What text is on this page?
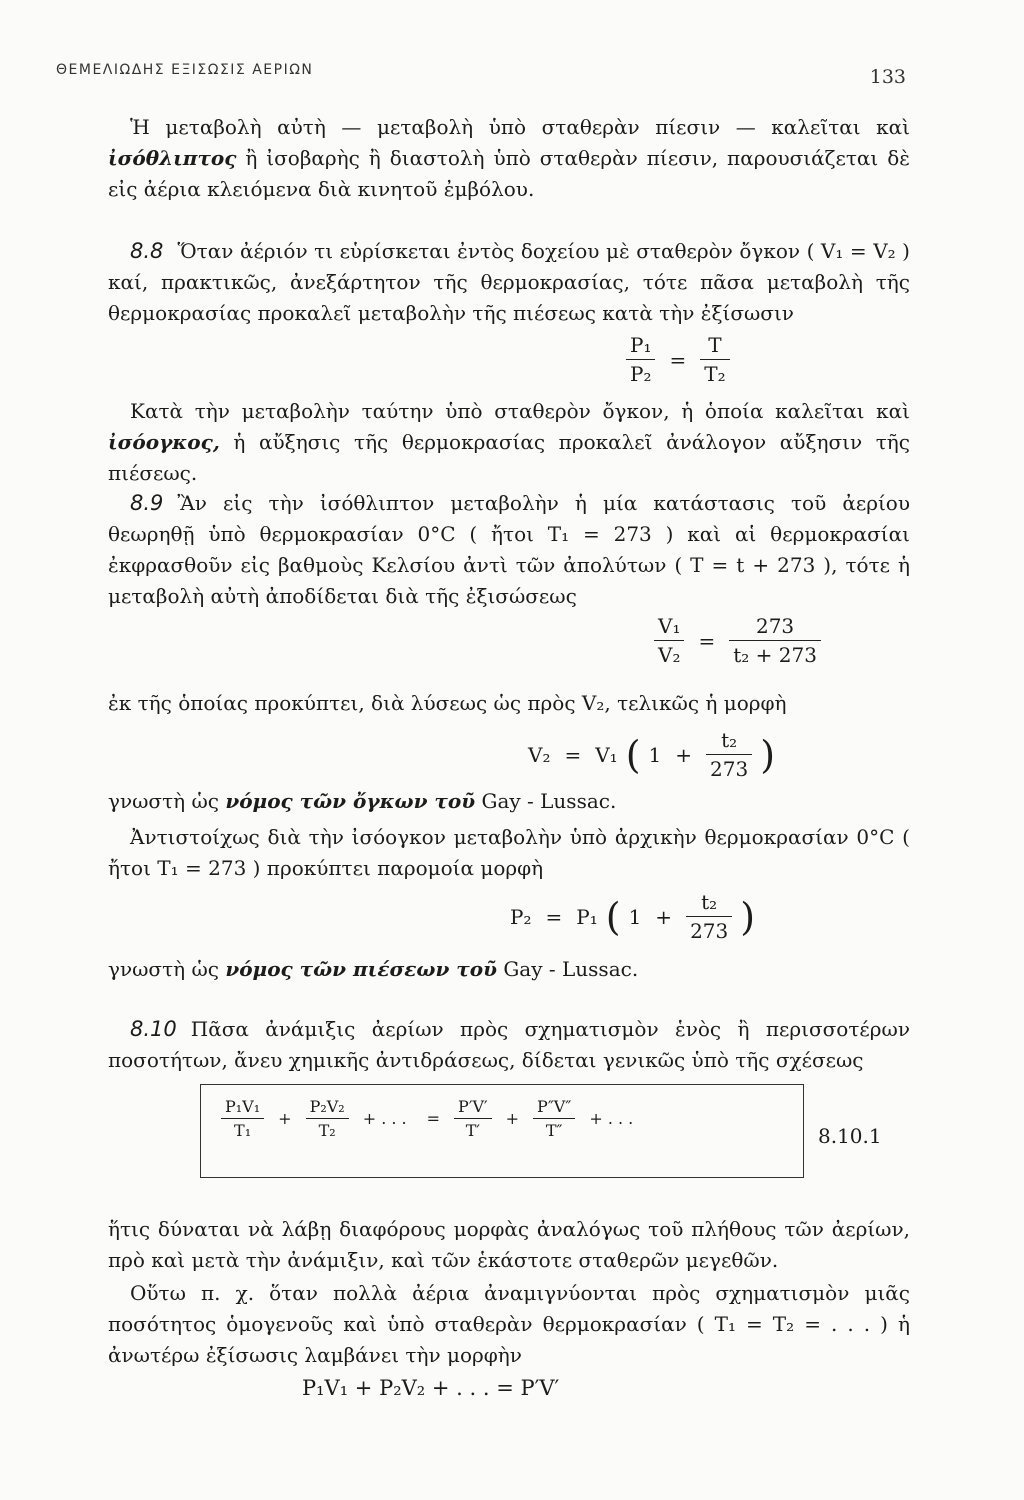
ΘΕΜΕΛΙΩΔΗΣ ΕΞΙΣΩΣΙΣ ΑΕΡΙΩΝ	133
Ἡ μεταβολὴ αὐτὴ — μεταβολὴ ὑπὸ σταθερὰν πίεσιν — καλεῖται καὶ ἰσόθλιπτος ἢ ἰσοβαρὴς ἢ διαστολὴ ὑπὸ σταθερὰν πίεσιν, παρουσιάζεται δὲ εἰς ἀέρια κλειόμενα διὰ κινητοῦ ἐμβόλου.
8.8 Ὅταν ἀέριόν τι εὑρίσκεται ἐντὸς δοχείου μὲ σταθερὸν ὄγκον ( V₁ = V₂ ) καί, πρακτικῶς, ἀνεξάρτητον τῆς θερμοκρασίας, τότε πᾶσα μεταβολὴ τῆς θερμοκρασίας προκαλεῖ μεταβολὴν τῆς πιέσεως κατὰ τὴν ἐξίσωσιν
$\frac{\text{P₁}}{\text{P₂}} = \frac{T}{\text{T₂}}$
Κατὰ τὴν μεταβολὴν ταύτην ὑπὸ σταθερὸν ὄγκον, ἡ ὁποία καλεῖται καὶ ἰσόογκος, ἡ αὔξησις τῆς θερμοκρασίας προκαλεῖ ἀνάλογον αὔξησιν τῆς πιέσεως.
8.9 Ἂν εἰς τὴν ἰσόθλιπτον μεταβολὴν ἡ μία κατάστασις τοῦ ἀερίου θεωρηθῇ ὑπὸ θερμοκρασίαν 0°C ( ἤτοι T₁ = 273 ) καὶ αἱ θερμοκρασίαι ἐκφρασθοῦν εἰς βαθμοὺς Κελσίου ἀντὶ τῶν ἀπολύτων ( T = t + 273 ), τότε ἡ μεταβολὴ αὐτὴ ἀποδίδεται διὰ τῆς ἐξισώσεως
$\frac{\text{V₁}}{\text{V₂}} = \frac{273}{\text{t₂ + 273}}$
ἐκ τῆς ὁποίας προκύπτει, διὰ λύσεως ὡς πρὸς V₂, τελικῶς ἡ μορφὴ
V₂ = V₁ ( $1 + \frac{\text{t₂}}{273}$ )
γνωστὴ ὡς νόμος τῶν ὄγκων τοῦ Gay - Lussac.
Ἀντιστοίχως διὰ τὴν ἰσόογκον μεταβολὴν ὑπὸ ἀρχικὴν θερμοκρασίαν 0°C ( ἤτοι T₁ = 273 ) προκύπτει παρομοία μορφὴ
P₂ = P₁ ( $1 + \frac{\text{t₂}}{273}$ )
γνωστὴ ὡς νόμος τῶν πιέσεων τοῦ Gay - Lussac.
8.10 Πᾶσα ἀνάμιξις ἀερίων πρὸς σχηματισμὸν ἑνὸς ἢ περισσοτέρων ποσοτήτων, ἄνευ χημικῆς ἀντιδράσεως, δίδεται γενικῶς ὑπὸ τῆς σχέσεως
$\frac{\text{P₁V₁}}{\text{T₁}} + \frac{\text{P₂V₂}}{\text{T₂}}$ + . . .	= $\frac{P'V'}{T'} + \frac{P''V''}{T''}$ + . . .
8.10.1
ἥτις δύναται νὰ λάβῃ διαφόρους μορφὰς ἀναλόγως τοῦ πλήθους τῶν ἀερίων, πρὸ καὶ μετὰ τὴν ἀνάμιξιν, καὶ τῶν ἑκάστοτε σταθερῶν μεγεθῶν.
Οὕτω π. χ. ὅταν πολλὰ ἀέρια ἀναμιγνύονται πρὸς σχηματισμὸν μιᾶς ποσότητος ὁμογενοῦς καὶ ὑπὸ σταθερὰν θερμοκρασίαν ( T₁ = T₂ = . . . ) ἡ ἀνωτέρω ἐξίσωσις λαμβάνει τὴν μορφὴν
P₁V₁ + P₂V₂ + . . . = P′V′
